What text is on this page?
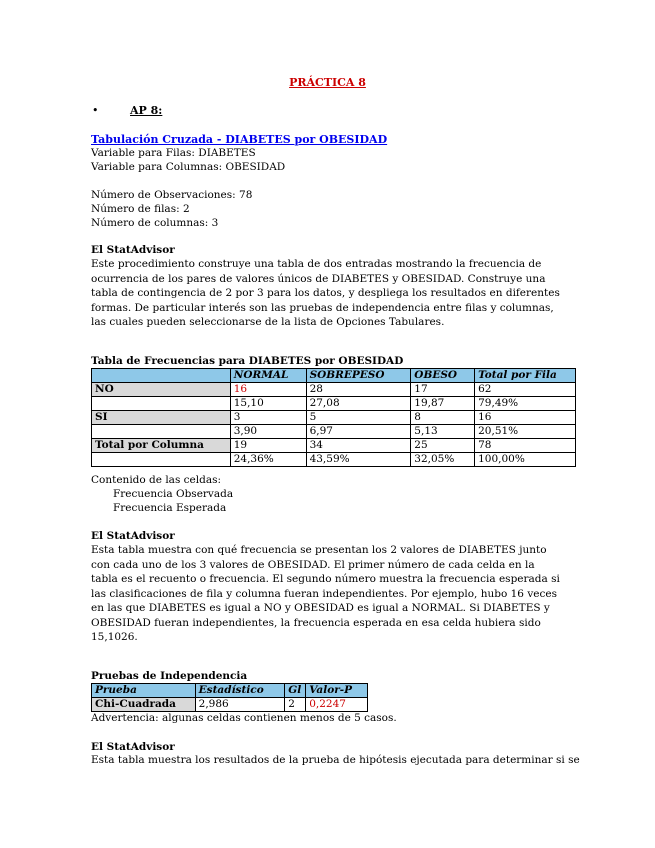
PRÁCTICA 8
•	AP 8:
Tabulación Cruzada - DIABETES por OBESIDAD
Variable para Filas: DIABETES
Variable para Columnas: OBESIDAD
Número de Observaciones: 78
Número de filas: 2
Número de columnas: 3
El StatAdvisor
Este procedimiento construye una tabla de dos entradas mostrando la frecuencia de ocurrencia de los pares de valores únicos de DIABETES y OBESIDAD. Construye una tabla de contingencia de 2 por 3 para los datos, y despliega los resultados en diferentes formas. De particular interés son las pruebas de independencia entre filas y columnas, las cuales pueden seleccionarse de la lista de Opciones Tabulares.
Tabla de Frecuencias para DIABETES por OBESIDAD
	NORMAL	SOBREPESO	OBESO	Total por Fila
NO	16	28	17	62
	15,10	27,08	19,87	79,49%
SI	3	5	8	16
	3,90	6,97	5,13	20,51%
Total por Columna	19	34	25	78
	24,36%	43,59%	32,05%	100,00%
Contenido de las celdas:
Frecuencia Observada
Frecuencia Esperada
El StatAdvisor
Esta tabla muestra con qué frecuencia se presentan los 2 valores de DIABETES junto con cada uno de los 3 valores de OBESIDAD. El primer número de cada celda en la tabla es el recuento o frecuencia. El segundo número muestra la frecuencia esperada si las clasificaciones de fila y columna fueran independientes. Por ejemplo, hubo 16 veces en las que DIABETES es igual a NO y OBESIDAD es igual a NORMAL. Si DIABETES y OBESIDAD fueran independientes, la frecuencia esperada en esa celda hubiera sido 15,1026.
Pruebas de Independencia
Prueba	Estadístico	Gl	Valor-P
Chi-Cuadrada	2,986	2	0,2247
Advertencia: algunas celdas contienen menos de 5 casos.
El StatAdvisor
Esta tabla muestra los resultados de la prueba de hipótesis ejecutada para determinar si se
